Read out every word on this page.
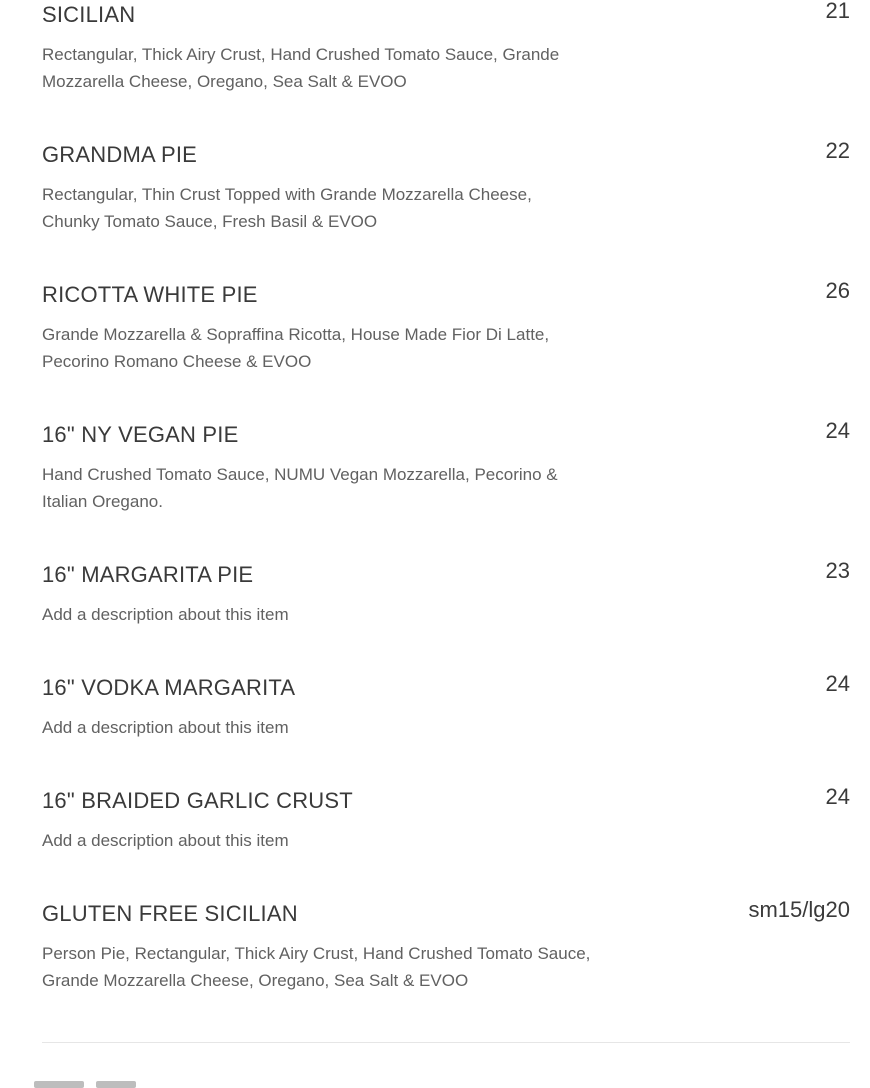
SICILIAN	21

Rectangular, Thick Airy Crust, Hand Crushed Tomato Sauce, Grande Mozzarella Cheese, Oregano, Sea Salt & EVOO

GRANDMA PIE	22

Rectangular, Thin Crust Topped with Grande Mozzarella Cheese, Chunky Tomato Sauce, Fresh Basil & EVOO

RICOTTA WHITE PIE	26

Grande Mozzarella & Sopraffina Ricotta, House Made Fior Di Latte, Pecorino Romano Cheese & EVOO

16" NY VEGAN PIE	24

Hand Crushed Tomato Sauce, NUMU Vegan Mozzarella, Pecorino & Italian Oregano.

16" MARGARITA PIE	23

Add a description about this item

16" VODKA MARGARITA	24

Add a description about this item

16" BRAIDED GARLIC CRUST	24

Add a description about this item

GLUTEN FREE SICILIAN	sm15/lg20

Person Pie, Rectangular, Thick Airy Crust, Hand Crushed Tomato Sauce, Grande Mozzarella Cheese, Oregano, Sea Salt & EVOO
